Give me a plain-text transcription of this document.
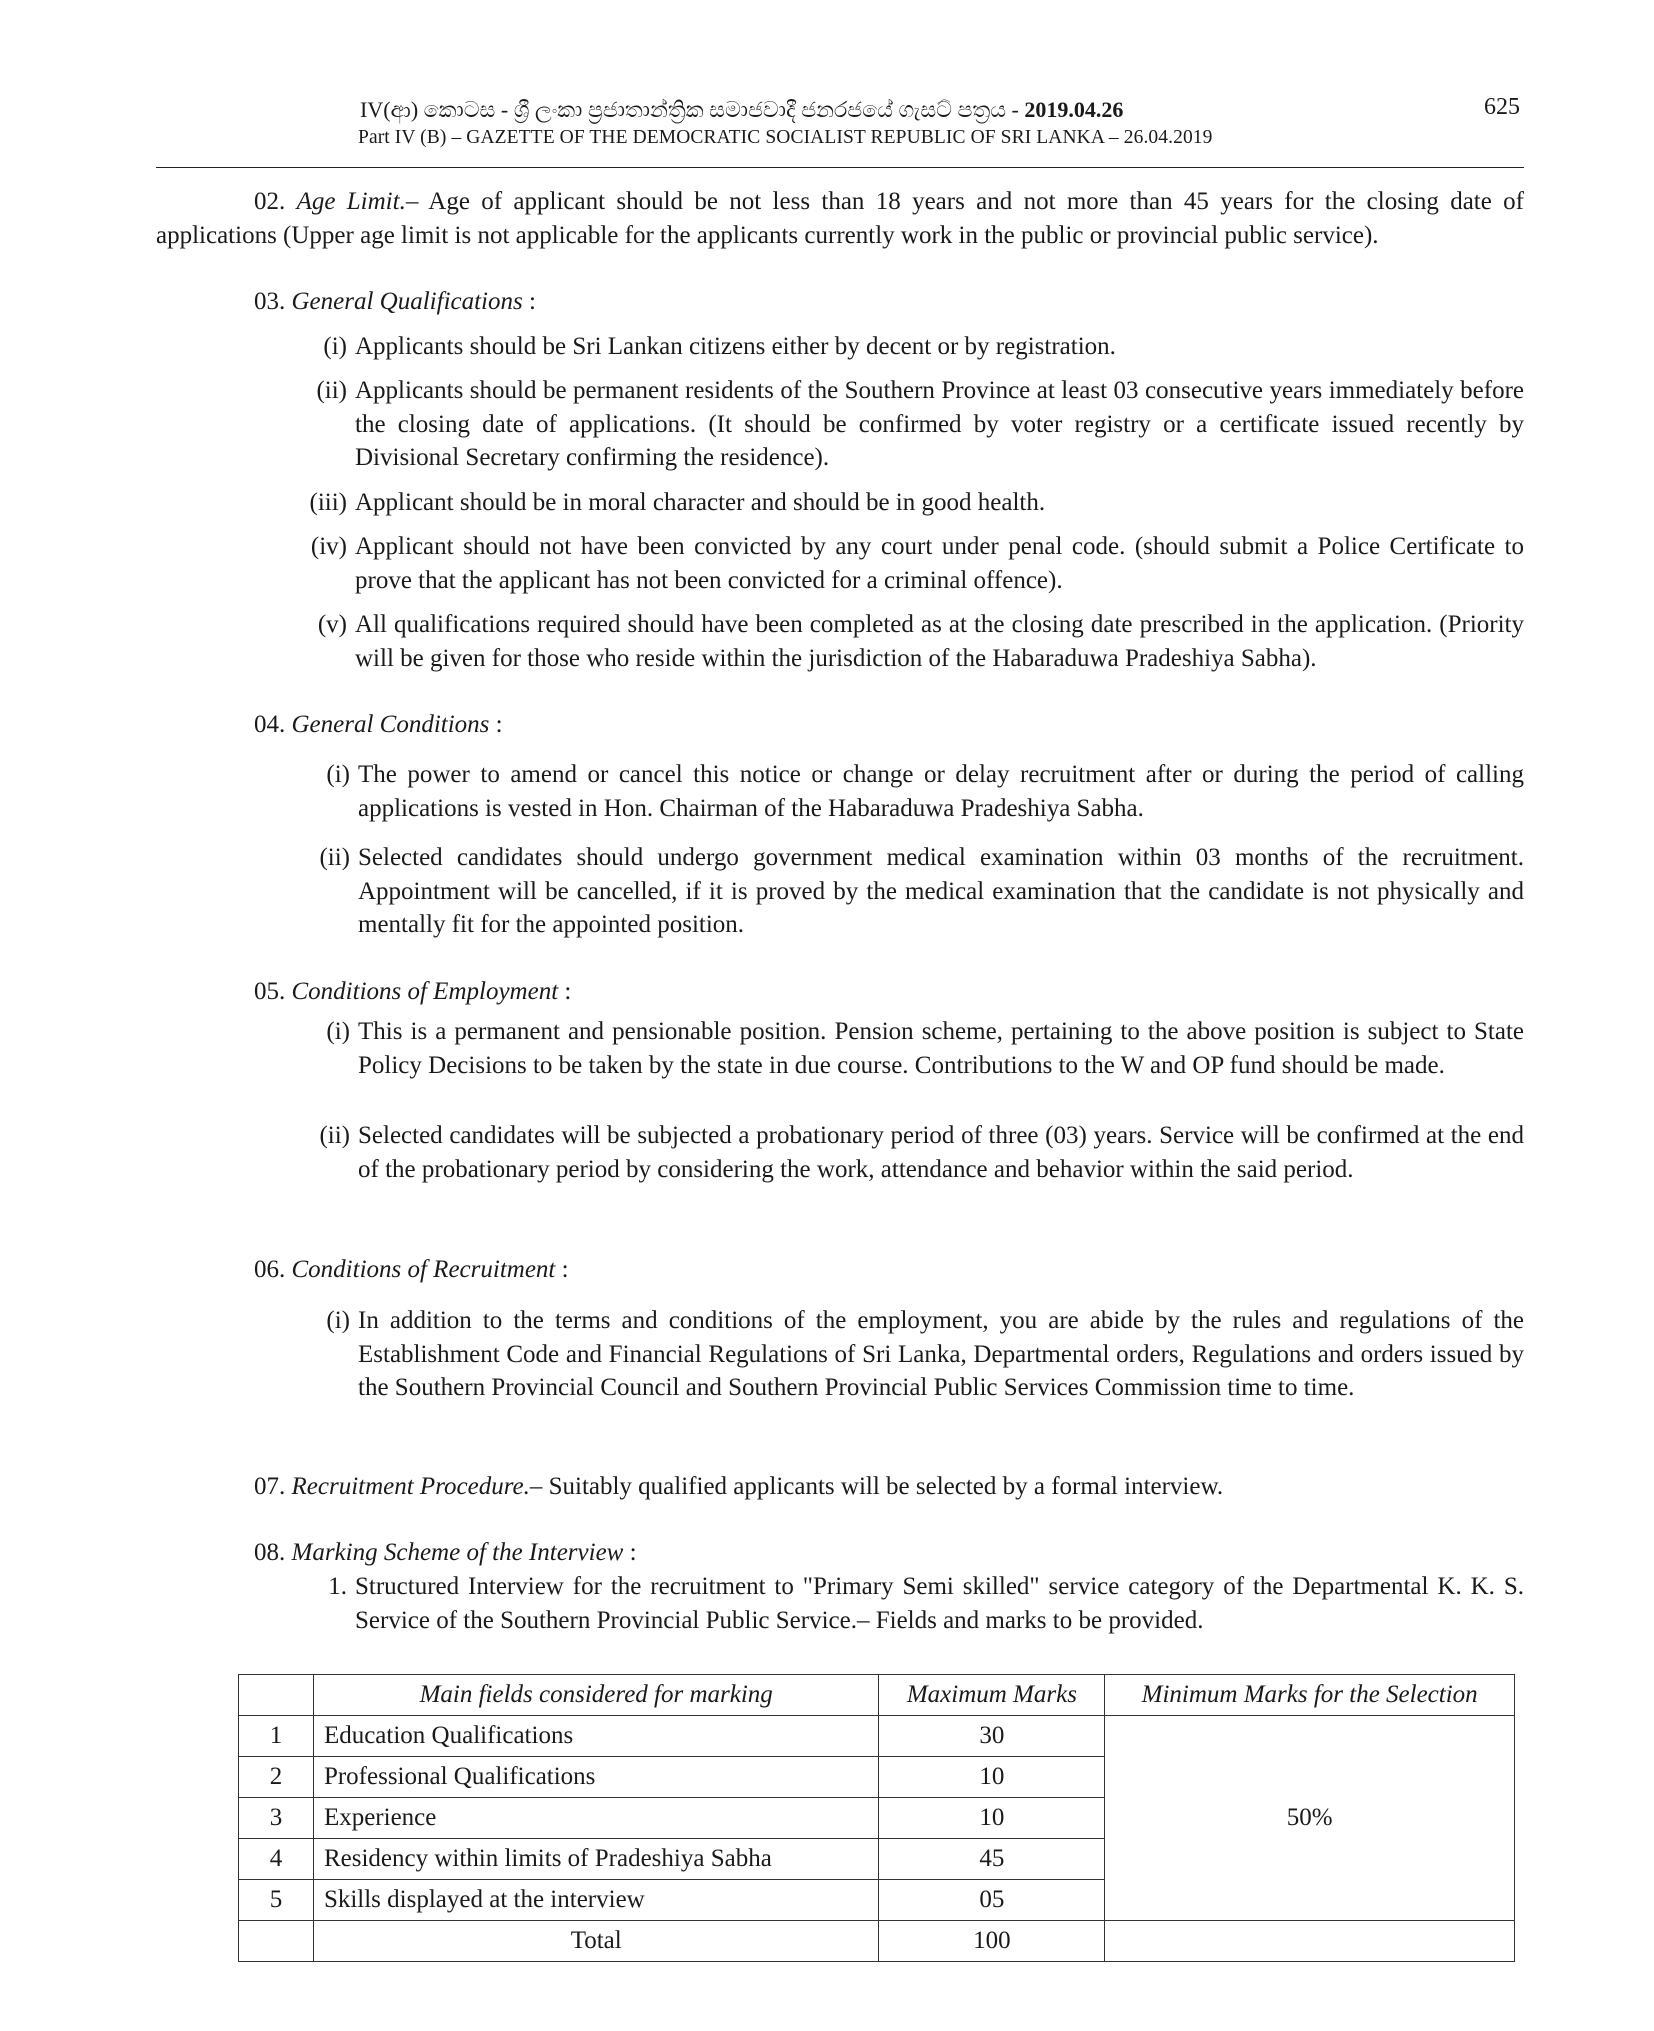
IV(ආ) කොටස - ශ්‍රී ලංකා ප්‍රජාතාන්ත්‍රික සමාජවාදී ජනරජයේ ගැසට් පත්‍රය - 2019.04.26
Part IV (B) – GAZETTE OF THE DEMOCRATIC SOCIALIST REPUBLIC OF SRI LANKA – 26.04.2019
625
02. Age Limit.– Age of applicant should be not less than 18 years and not more than 45 years for the closing date of applications (Upper age limit is not applicable for the applicants currently work in the public or provincial public service).
03. General Qualifications :
(i) Applicants should be Sri Lankan citizens either by decent or by registration.
(ii) Applicants should be permanent residents of the Southern Province at least 03 consecutive years immediately before the closing date of applications. (It should be confirmed by voter registry or a certificate issued recently by Divisional Secretary confirming the residence).
(iii) Applicant should be in moral character and should be in good health.
(iv) Applicant should not have been convicted by any court under penal code. (should submit a Police Certificate to prove that the applicant has not been convicted for a criminal offence).
(v) All qualifications required should have been completed as at the closing date prescribed in the application. (Priority will be given for those who reside within the jurisdiction of the Habaraduwa Pradeshiya Sabha).
04. General Conditions :
(i) The power to amend or cancel this notice or change or delay recruitment after or during the period of calling applications is vested in Hon. Chairman of the Habaraduwa Pradeshiya Sabha.
(ii) Selected candidates should undergo government medical examination within 03 months of the recruitment. Appointment will be cancelled, if it is proved by the medical examination that the candidate is not physically and mentally fit for the appointed position.
05. Conditions of Employment :
(i) This is a permanent and pensionable position. Pension scheme, pertaining to the above position is subject to State Policy Decisions to be taken by the state in due course. Contributions to the W and OP fund should be made.
(ii) Selected candidates will be subjected a probationary period of three (03) years. Service will be confirmed at the end of the probationary period by considering the work, attendance and behavior within the said period.
06. Conditions of Recruitment :
(i) In addition to the terms and conditions of the employment, you are abide by the rules and regulations of the Establishment Code and Financial Regulations of Sri Lanka, Departmental orders, Regulations and orders issued by the Southern Provincial Council and Southern Provincial Public Services Commission time to time.
07. Recruitment Procedure.– Suitably qualified applicants will be selected by a formal interview.
08. Marking Scheme of the Interview :
1. Structured Interview for the recruitment to "Primary Semi skilled" service category of the Departmental K. K. S. Service of the Southern Provincial Public Service.– Fields and marks to be provided.
	Main fields considered for marking	Maximum Marks	Minimum Marks for the Selection
1	Education Qualifications	30	50%
2	Professional Qualifications	10	
3	Experience	10	
4	Residency within limits of Pradeshiya Sabha	45	
5	Skills displayed at the interview	05	
	Total	100	
